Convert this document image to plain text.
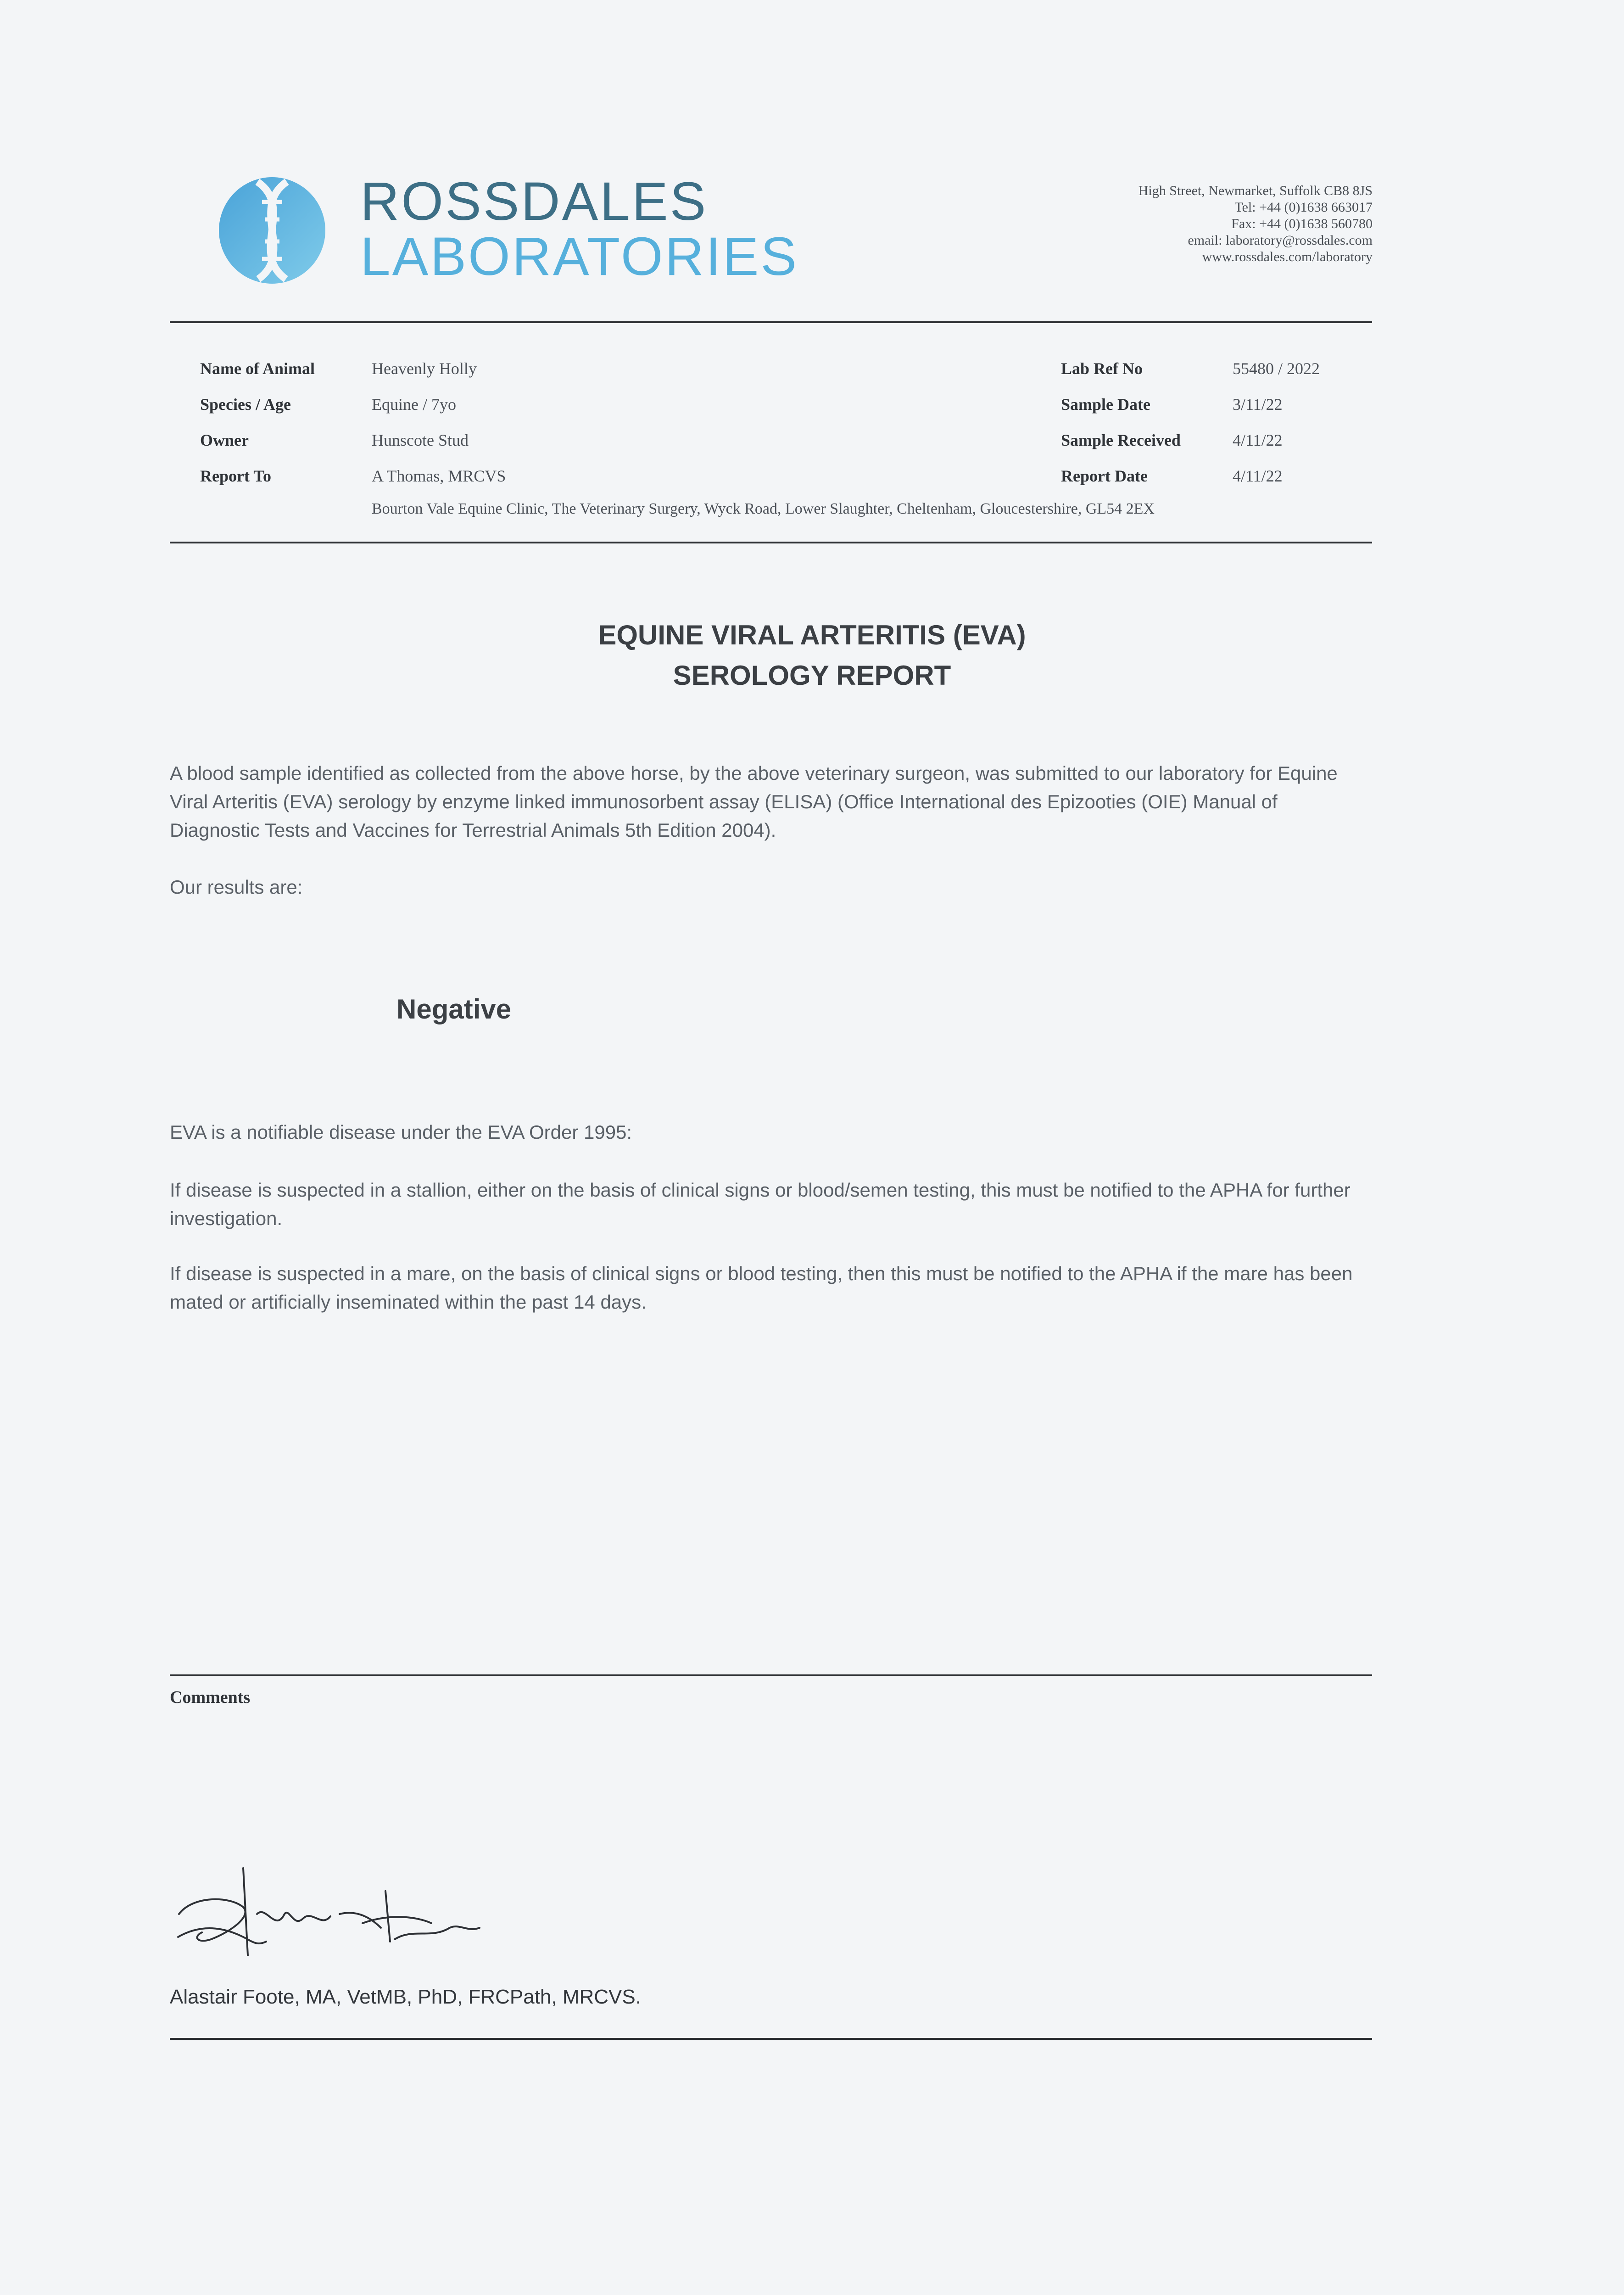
ROSSDALES
LABORATORIES
High Street, Newmarket, Suffolk CB8 8JS
Tel: +44 (0)1638 663017
Fax: +44 (0)1638 560780
email: laboratory@rossdales.com
www.rossdales.com/laboratory
Name of Animal	Heavenly Holly
Species / Age	Equine / 7yo
Owner	Hunscote Stud
Report To	A Thomas, MRCVS
Bourton Vale Equine Clinic, The Veterinary Surgery, Wyck Road, Lower Slaughter, Cheltenham, Gloucestershire, GL54 2EX
Lab Ref No	55480 / 2022
Sample Date	3/11/22
Sample Received	4/11/22
Report Date	4/11/22
EQUINE VIRAL ARTERITIS (EVA)
SEROLOGY REPORT
A blood sample identified as collected from the above horse, by the above veterinary surgeon, was submitted to our laboratory for Equine Viral Arteritis (EVA) serology by enzyme linked immunosorbent assay (ELISA) (Office International des Epizooties (OIE) Manual of Diagnostic Tests and Vaccines for Terrestrial Animals 5th Edition 2004).
Our results are:
Negative
EVA is a notifiable disease under the EVA Order 1995:
If disease is suspected in a stallion, either on the basis of clinical signs or blood/semen testing, this must be notified to the APHA for further investigation.
If disease is suspected in a mare, on the basis of clinical signs or blood testing, then this must be notified to the APHA if the mare has been mated or artificially inseminated within the past 14 days.
Comments
Alastair Foote, MA, VetMB, PhD, FRCPath, MRCVS.
